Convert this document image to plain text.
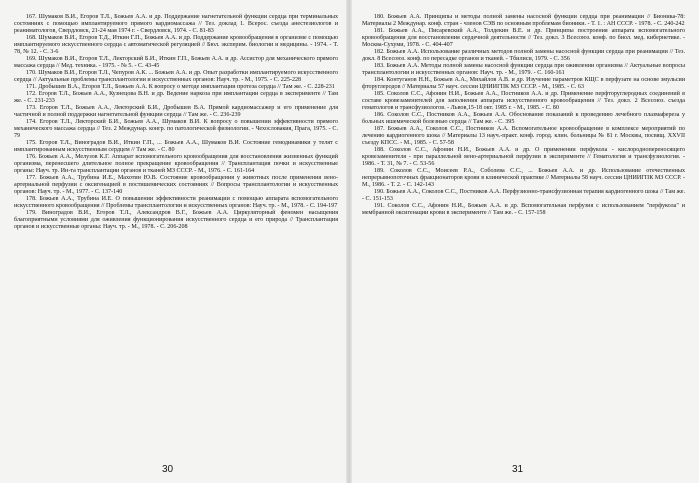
167. Шумаков В.И., Егоров Т.Л., Божьев А.А. и др. Поддержание нагнетательной функции сердца при терминальных состояниях с помощью имплантируемого прямого кардиомассажа // Тез. доклад 1. Всерос. съезда анестезиологов и реаниматологов, Свердловск, 21-24 мая 1974 г. - Свердловск, 1974. - С. 81-83

168. Шумаков В.И., Егоров Т.Д., Иткин Г.П., Божьев А.А. и др. Поддержание кровообращения в организме с помощью имплантируемого искусственного сердца с автоматической регуляцией // Бюл. эксперим. биологии и медицины. - 1974. - Т. 78, № 12. - С. 3-6

169. Шумаков В.И., Егоров Т.Л., Лекторский Б.И., Иткин Г.П., Божьев А.А. и др. Ассистор для механического прямого массажа сердца // Мед. техника. - 1975. - № 5. - С. 43-45

170. Шумаков В.И., Егоров Т.Л., Чепуров А.К. ... Божьев А.А. и др. Опыт разработки имплантируемого искусственного сердца // Актуальные проблемы трансплантологии и искусственных органов: Науч. тр. - М., 1975. - С. 225-228

171. Дробышев В.А., Егоров Т.Л., Божьев А.А. К вопросу о методе имплантации протеза сердца // Там же. - С. 228-231

172. Егоров Т.Л., Божьев А.А., Кузнецова В.Н. и др. Ведение наркоза при имплантации сердца в эксперименте // Там же. - С. 231-233

173. Егоров Т.Л., Божьев А.А., Лекторский Б.И., Дробышев В.А. Прямой кардиомассажер и его применение для частичной и полной поддержки нагнетательной функции сердца // Там же. - С. 236-239

174. Егоров Т.Л., Лекторский Б.И., Божьев А.А., Шумаков В.И. К вопросу о повышении эффективности прямого механического массажа сердца // Тез. 2 Междунар. конгр. по патологической физиологии. - Чехословакия, Прага, 1975. - С. 79

175. Егоров Т.Л., Виноградов В.И., Иткин Г.П., ... Божьев А.А., Шумаков В.И. Состояние гемодинамики у телят с имплантированным искусственным сердцем // Там же. - С. 80

176. Божьев А.А., Мелузов К.Г. Аппарат вспомогательного кровообращения для восстановления жизненных функций организма, перенесшего длительное полное прекращение кровообращения // Трансплантация почки и искусственные органы: Науч. тр. Ин-та трансплантации органов и тканей МЗ СССР. - М., 1976. - С. 161-164

177. Божьев А.А., Трубина И.Е., Махотин Ю.В. Состояние кровообращения у животных после применения вено-артериальной перфузии с оксигенацией в постишемических состояниях // Вопросы трансплантологии и искусственных органов: Науч. тр. - М., 1977. - С. 137-140

178. Божьев А.А., Трубина И.Е. О повышении эффективности реанимации с помощью аппарата вспомогательного искусственного кровообращения // Проблемы трансплантологии и искусственных органов: Науч. тр. - М., 1978. - С. 194-197

179. Виноградов В.И., Егоров Т.Л., Александров В.Г., Божьев А.А. Циркуляторный феномен насыщения благоприятными условиями для оживления функционирования искусственного сердца и его природа // Трансплантация органов и искусственные органы: Науч. тр. - М., 1978. - С. 206-208

30

180. Божьев А.А. Принципы и методы полной замены насосной функции сердца при реанимации // Бионика-78: Материалы 2 Междунар. конф. стран - членов СЭВ по основным проблемам бионики. - Т. 1. : АН СССР. - 1978. - С. 240-242

181. Божьев А.А., Писаревский А.А., Толдекин В.Е. и др. Принципы построения аппарата вспомогательного кровообращения для восстановления сердечной деятельности // Тез. докл. 3 Всесоюз. конф. по биол. мед. кибернетике. - Москва-Сухуми, 1978. - С. 404-407

182. Божьев А.А. Использование различных методов полной замены насосной функции сердца при реанимации // Тез. докл. 8 Всесоюз. конф. по пересадке органов и тканей. - Тбилиси, 1979. - С. 356

183. Божьев А.А. Методы полной замены насосной функции сердца при оживлении организма // Актуальные вопросы трансплантологии и искусственных органов: Науч. тр. - М., 1979. - С. 160-161

184. Контуганов Н.Н., Божьев А.А., Михайлов А.В. и др. Изучение параметров КЩС в перфузате на основе эмульсии фторуглеродов // Материалы 57 науч. сессии ЦНИИГПК МЗ СССР. - М., 1985. - С. 63

185. Соколов С.С., Афонин Н.И., Божьев А.А., Постников А.А. и др. Применение перфторуглеродных соединений в составе кровезаменителей для заполнения аппарата искусственного кровообращения // Тез. докл. 2 Всесоюз. съезда гематологов и трансфузиологов. - Львов,15-18 окт. 1985 г. - М., 1985. - С. 80

186. Соколов С.С., Постников А.А., Божьев А.А. Обоснование показаний к проведению лечебного плазмафереза у больных ишемической болезнью сердца // Там же. - С. 395

187. Божьев А.А., Соколов С.С., Постников А.А. Вспомогательное кровообращение в комплексе мероприятий по лечению кардиогенного шока // Материалы 13 науч.-практ. конф. город. клин. больницы № 81 г. Москвы, посвящ. XXVII съезду КПСС. - М., 1985. - С. 57-58

188. Соколов С.С., Афонин Н.И., Божьев А.А. и др. О применении перфукола - кислороднопереносящего кровезаменителя - при параллельной вено-артериальной перфузии в эксперименте // Гематология и трансфузиология. - 1986. - Т. 31, № 7. - С. 53-56

189. Соколов С.С., Моисеев Р.А., Соболева С.С., ... Божьев А.А. и др. Использование отечественных непрерывнопоточных фракционаторов крови в клинической практике // Материалы 58 науч. сессии ЦНИИГПК МЗ СССР. - М., 1986. - Т. 2. - С. 142-143

190. Божьев А.А., Соколов С.С., Постников А.А. Перфузионно-трансфузионная терапия кардиогенного шока // Там же. - С. 151-153

191. Соколов С.С., Афонин Н.И., Божьев А.А. и др. Вспомогательная перфузия с использованием "перфукола" и мембранной оксигенации крови в эксперименте // Там же. - С. 157-158

31
